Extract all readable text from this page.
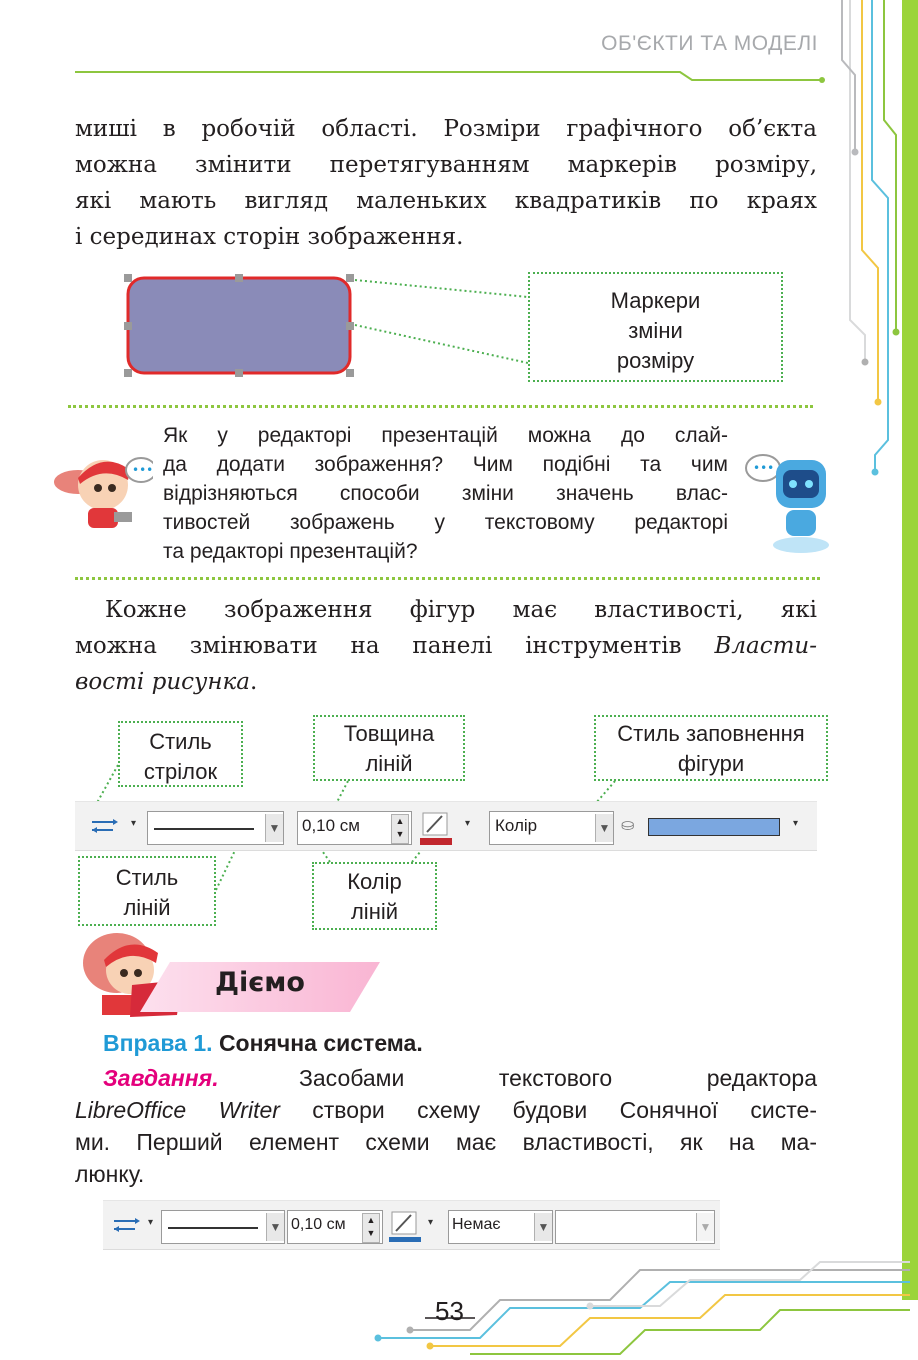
ОБ'ЄКТИ ТА МОДЕЛІ
миші в робочій області. Розміри графічного об’єкта
можна змінити перетягуванням маркерів розміру,
які мають вигляд маленьких квадратиків по краях
і серединах сторін зображення.
Маркери
зміни
розміру
•••
Як у редакторі презентацій можна до слай-
да додати зображення? Чим подібні та чим
відрізняються способи зміни значень влас-
тивостей зображень у текстовому редакторі
та редакторі презентацій?
•••
Кожне зображення фігур має властивості, які
можна змінювати на панелі інструментів Власти-
вості рисунка.
Стиль
стрілок
Товщина
ліній
Стиль заповнення
фігури
Стиль
ліній
Колір
ліній
▾	▼ 0,10 см	▲
▼
▾	Колір	▼ ⛀	▾
Дiємо
Вправа 1. Сонячна система.
Завдання.	Засобами	текстового	редактора
LibreOffice Writer створи схему будови Сонячної систе-
ми. Перший елемент схеми має властивості, як на ма-
люнку.
▾	▼ 0,10 см	▲
▼
▾ Немає	▼	▼
53
